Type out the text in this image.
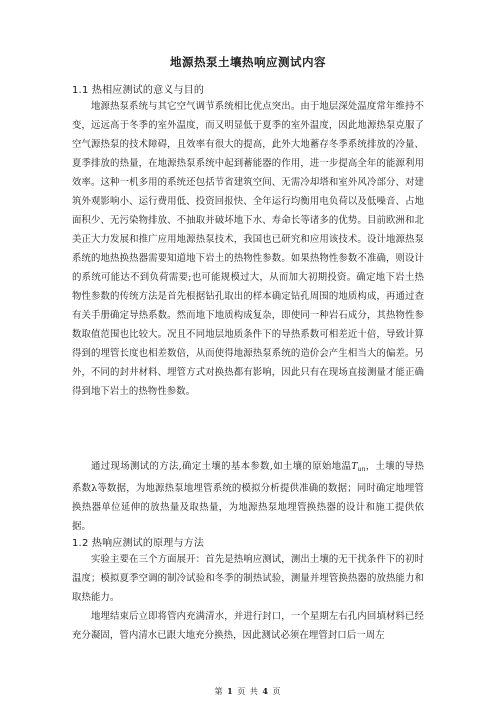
地源热泵土壤热响应测试内容
1.1 热相应测试的意义与目的
地源热泵系统与其它空气调节系统相比优点突出。由于地层深处温度常年维持不变，远远高于冬季的室外温度，而又明显低于夏季的室外温度，因此地源热泵克服了空气源热泵的技术障碍，且效率有很大的提高，此外大地蓄存冬季系统排放的冷量、夏季排放的热量，在地源热泵系统中起到蓄能器的作用，进一步提高全年的能源利用效率。这种一机多用的系统还包括节省建筑空间、无需冷却塔和室外风冷部分、对建筑外观影响小、运行费用低、投资回报快、全年运行均衡用电负荷以及低噪音、占地面积少、无污染物排放、不抽取并破坏地下水、寿命长等诸多的优势。目前欧洲和北美正大力发展和推广应用地源热泵技术，我国也已研究和应用该技术。设计地源热泵系统的地热换热器需要知道地下岩土的热物性参数。如果热物性参数不准确，则设计的系统可能达不到负荷需要;也可能规模过大，从而加大初期投资。确定地下岩土热物性参数的传统方法是首先根据钻孔取出的样本确定钻孔周围的地质构成，再通过查有关手册确定导热系数。然而地下地质构成复杂，即使同一种岩石成分，其热物性参数取值范围也比较大。况且不同地层地质条件下的导热系数可相差近十倍，导致计算得到的埋管长度也相差数倍，从而使得地源热泵系统的造价会产生相当大的偏差。另外，不同的封井材料、埋管方式对换热都有影响，因此只有在现场直接测量才能正确得到地下岩土的热物性参数。
通过现场测试的方法,确定土壤的基本参数,如土壤的原始地温$T_{un}$，土壤的导热系数λ等数据，为地源热泵地埋管系统的模拟分析提供准确的数据；同时确定地埋管换热器单位延伸的放热量及取热量，为地源热泵地埋管换热器的设计和施工提供依据。
1.2 热响应测试的原理与方法
实验主要在三个方面展开：首先是热响应测试，测出土壤的无干扰条件下的初时温度；模拟夏季空调的制冷试验和冬季的制热试验，测量并埋管换热器的放热能力和取热能力。
地埋结束后立即将管内充满清水，并进行封口，一个星期左右孔内回填材料已经充分凝固，管内清水已跟大地充分换热，因此测试必须在埋管封口后一周左
第 1 页 共 4 页
